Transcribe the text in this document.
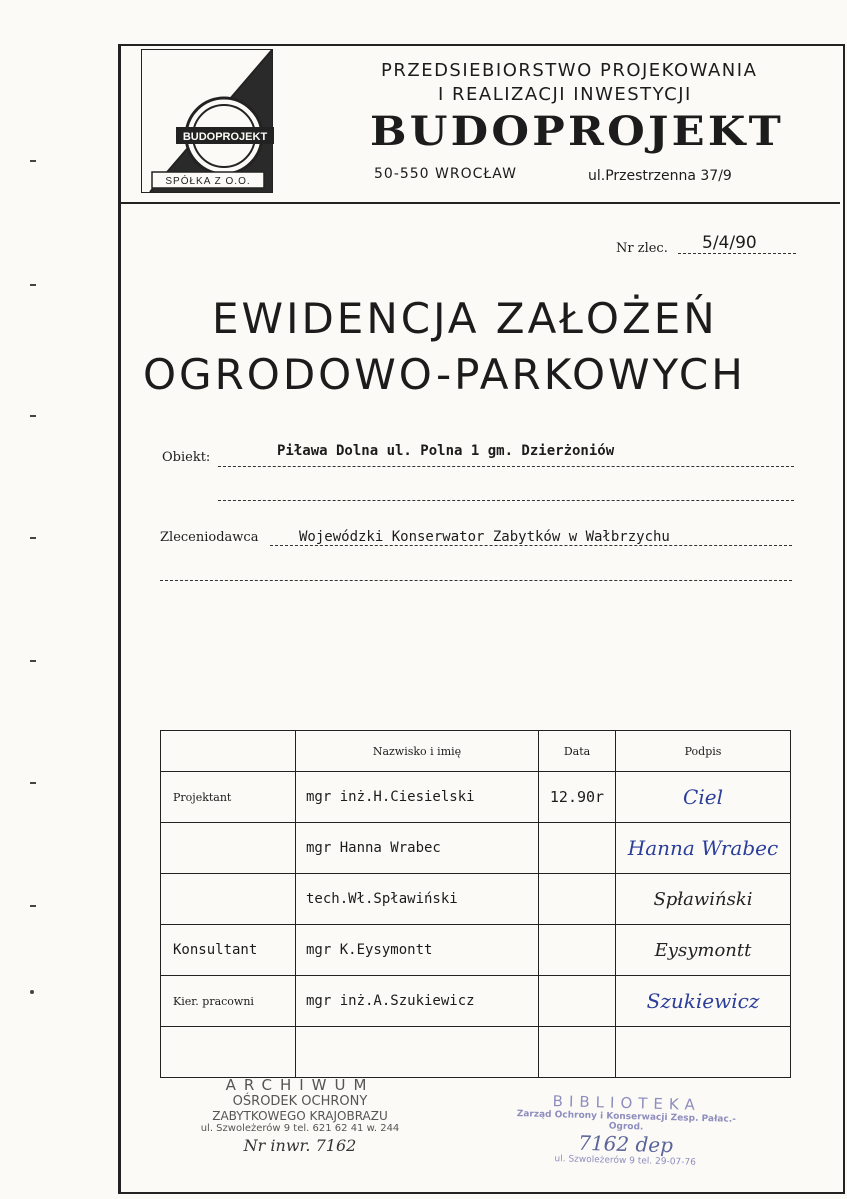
BUDOPROJEKT
SPÓŁKA Z O.O.
PRZEDSIEBIORSTWO PROJEKOWANIA
I REALIZACJI INWESTYCJI
BUDOPROJEKT
50-550 WROCŁAW	ul.Przestrzenna 37/9
Nr zlec.	5/4/90
EWIDENCJA ZAŁOŻEŃ
OGRODOWO-PARKOWYCH
Obiekt:	Piława Dolna ul. Polna 1 gm. Dzierżoniów
Zleceniodawca	Wojewódzki Konserwator Zabytków w Wałbrzychu
	Nazwisko i imię	Data	Podpis
Projektant	mgr inż.H.Ciesielski	12.90r	Ciel
	mgr Hanna Wrabec		Hanna Wrabec
	tech.Wł.Spławiński		Spławiński
Konsultant	mgr K.Eysymontt		Eysymontt
Kier. pracowni	mgr inż.A.Szukiewicz		Szukiewicz

ARCHIWUM
OŚRODEK OCHRONY
ZABYTKOWEGO KRAJOBRAZU
ul. Szwoleżerów 9 tel. 621 62 41 w. 244
Nr inwr. 7162
BIBLIOTEKA
Zarząd Ochrony i Konserwacji Zesp. Pałac.-Ogrod.
7162 dep
ul. Szwoleżerów 9 tel. 29-07-76
